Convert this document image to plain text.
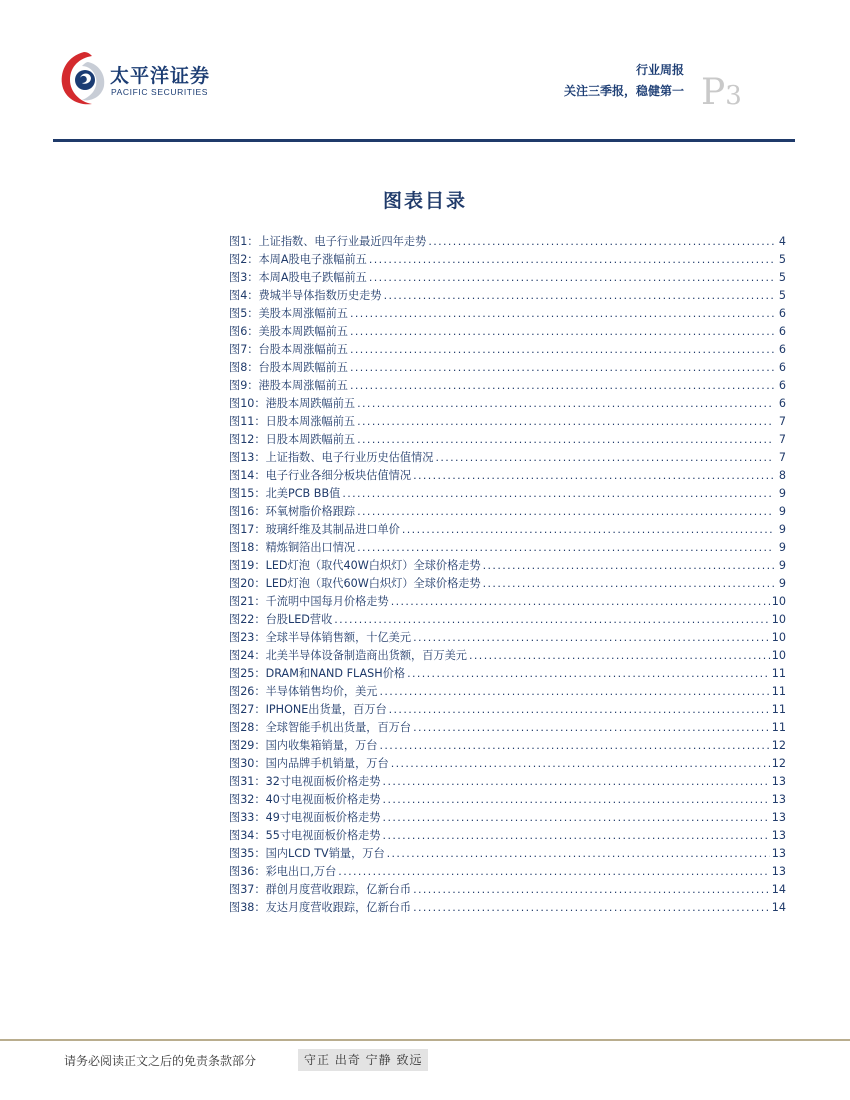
太平洋证券
PACIFIC SECURITIES
行业周报
关注三季报，稳健第一 P3
图表目录
图1：上证指数、电子行业最近四年走势 .....	4
图2：本周A股电子涨幅前五 .....	5
图3：本周A股电子跌幅前五 .....	5
图4：费城半导体指数历史走势 .....	5
图5：美股本周涨幅前五 .....	6
图6：美股本周跌幅前五 .....	6
图7：台股本周涨幅前五 .....	6
图8：台股本周跌幅前五 .....	6
图9：港股本周涨幅前五 .....	6
图10：港股本周跌幅前五 .....	6
图11：日股本周涨幅前五 .....	7
图12：日股本周跌幅前五 .....	7
图13：上证指数、电子行业历史估值情况 .....	7
图14：电子行业各细分板块估值情况 .....	8
图15：北美PCB BB值 .....	9
图16：环氧树脂价格跟踪 .....	9
图17：玻璃纤维及其制品进口单价 .....	9
图18：精炼铜箔出口情况 .....	9
图19：LED灯泡（取代40W白炽灯）全球价格走势 .....	9
图20：LED灯泡（取代60W白炽灯）全球价格走势 .....	9
图21：千流明中国每月价格走势 .....	10
图22：台股LED营收 .....	10
图23：全球半导体销售额，十亿美元 .....	10
图24：北美半导体设备制造商出货额，百万美元 .....	10
图25：DRAM和NAND FLASH价格 .....	11
图26：半导体销售均价，美元 .....	11
图27：IPHONE出货量，百万台 .....	11
图28：全球智能手机出货量，百万台 .....	11
图29：国内收集箱销量，万台 .....	12
图30：国内品牌手机销量，万台 .....	12
图31：32寸电视面板价格走势 .....	13
图32：40寸电视面板价格走势 .....	13
图33：49寸电视面板价格走势 .....	13
图34：55寸电视面板价格走势 .....	13
图35：国内LCD TV销量，万台 .....	13
图36：彩电出口,万台 .....	13
图37：群创月度营收跟踪，亿新台币 .....	14
图38：友达月度营收跟踪，亿新台币 .....	14
请务必阅读正文之后的免责条款部分	守正 出奇 宁静 致远
